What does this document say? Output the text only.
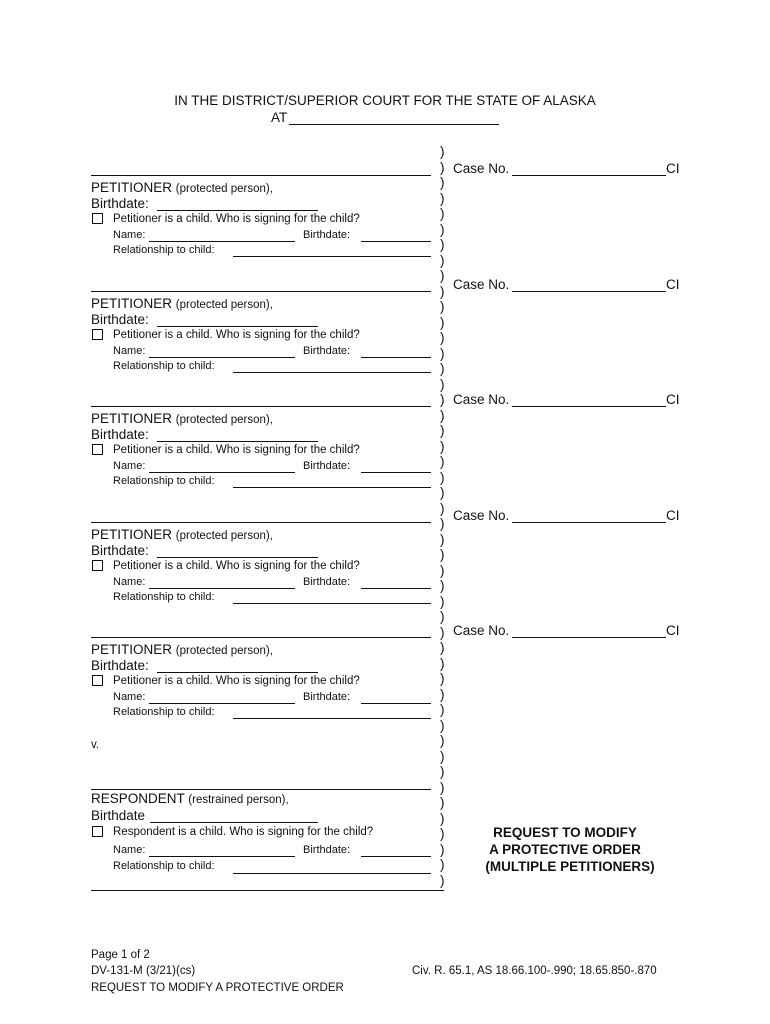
IN THE DISTRICT/SUPERIOR COURT FOR THE STATE OF ALASKA
AT
)
)
)
)
)
)
)
)
)
)
)
)
)
)
)
)
)
)
)
)
)
)
)
)
)
)
)
)
)
)
)
)
)
)
)
)
)
)
)
)
)
)
)
)
)
)
)
)
Case No.	CI
PETITIONER (protected person),
Birthdate:
Petitioner is a child. Who is signing for the child?
Name:	Birthdate:
Relationship to child:
Case No.	CI
PETITIONER (protected person),
Birthdate:
Petitioner is a child. Who is signing for the child?
Name:	Birthdate:
Relationship to child:
Case No.	CI
PETITIONER (protected person),
Birthdate:
Petitioner is a child. Who is signing for the child?
Name:	Birthdate:
Relationship to child:
Case No.	CI
PETITIONER (protected person),
Birthdate:
Petitioner is a child. Who is signing for the child?
Name:	Birthdate:
Relationship to child:
Case No.	CI
PETITIONER (protected person),
Birthdate:
Petitioner is a child. Who is signing for the child?
Name:	Birthdate:
Relationship to child:
v.
RESPONDENT (restrained person),
Birthdate
Respondent is a child. Who is signing for the child?
Name:	Birthdate:
Relationship to child:
REQUEST TO MODIFY
A PROTECTIVE ORDER
(MULTIPLE PETITIONERS)
Page 1 of 2
DV-131-M (3/21)(cs)
REQUEST TO MODIFY A PROTECTIVE ORDER
Civ. R. 65.1, AS 18.66.100-.990; 18.65.850-.870
